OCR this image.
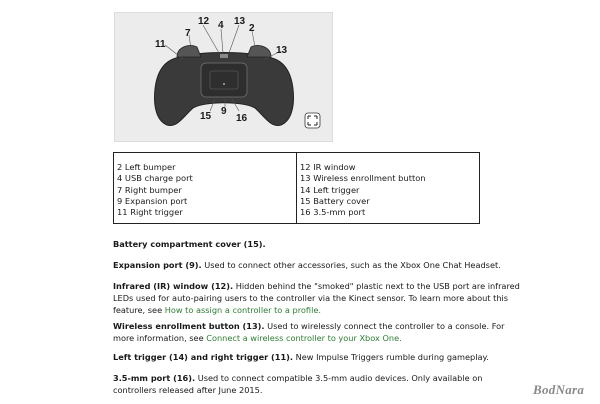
12 4 13
2
11
7
13
15 9
16
2 Left bumper
4 USB charge port
7 Right bumper
9 Expansion port
11 Right trigger
12 IR window
13 Wireless enrollment button
14 Left trigger
15 Battery cover
16 3.5-mm port

Battery compartment cover (15).

Expansion port (9). Used to connect other accessories, such as the Xbox One Chat Headset.

Infrared (IR) window (12). Hidden behind the "smoked" plastic next to the USB port are infrared LEDs used for auto-pairing users to the controller via the Kinect sensor. To learn more about this feature, see How to assign a controller to a profile.

Wireless enrollment button (13). Used to wirelessly connect the controller to a console. For more information, see Connect a wireless controller to your Xbox One.

Left trigger (14) and right trigger (11). New Impulse Triggers rumble during gameplay.

3.5-mm port (16). Used to connect compatible 3.5-mm audio devices. Only available on controllers released after June 2015.	BodNara
